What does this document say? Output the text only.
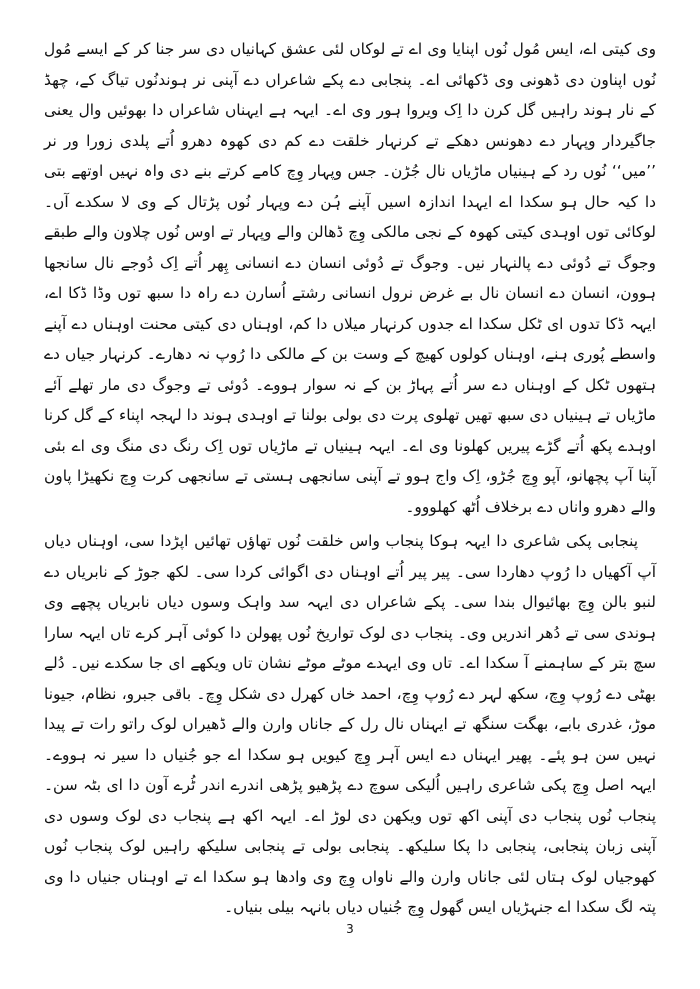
وی کیتی اے، ایس مُول نُوں اپنایا وی اے تے لوکاں لئی عشق کہانیاں دی سر جنا کر کے ایسے مُول نُوں اپناون دی ڈھونی وی ڈکھائی اے۔ پنجابی دے پکے شاعراں دے آپنی نر ہوندنُوں تیاگ کے، چھڈ کے نار ہوند راہیں گل کرن دا اِک ویروا ہور وی اے۔ ایہہ ہے ایہناں شاعراں دا بھوئیں وال یعنی جاگیردار وپہار دے دھونس دھکے تے کرنہار خلقت دے کم دی کھوہ دھرو اُتے پلدی زورا ور نر ’’میں‘‘ نُوں رد کے ہینیاں ماڑیاں نال جُڑن۔ جس وپہار وِچ کامے کرتے بنے دی واہ نہیں اوتھے بتی دا کیہ حال ہو سکدا اے ایہدا اندازہ اسیں آپنے ہُن دے وپہار نُوں پڑتال کے وی لا سکدے آں۔ لوکائی توں اوہدی کیتی کھوہ کے نجی مالکی وِچ ڈھالن والے وپہار تے اوس نُوں چلاون والے طبقے وجوگ تے دُوئی دے پالنہار نیں۔ وجوگ تے دُوئی انسان دے انسانی پِھر اُتے اِک دُوجے نال سانجھا ہوون، انسان دے انسان نال بے غرض نرول انسانی رشتے اُسارن دے راہ دا سبھ توں وڈا ڈکا اے، ایہہ ڈکا تدوں ای ٹکل سکدا اے جدوں کرنہار میلاں دا کم، اوہناں دی کیتی محنت اوہناں دے آپنے واسطے پُوری ہنے، اوہناں کولوں کھیچ کے وست بن کے مالکی دا رُوپ نہ دھارے۔ کرنہار جیاں دے ہتھوں ٹکل کے اوہناں دے سر اُتے پہاڑ بن کے نہ سوار ہووے۔ دُوئی تے وجوگ دی مار تھلے آئے ماڑیاں تے ہینیاں دی سبھ تھیں تھلوی پرت دی بولی بولنا تے اوہدی ہوند دا لہجہ اپناء کے گل کرنا اوہدے پکھ اُتے گڑے پیریں کھلونا وی اے۔ ایہہ ہینیاں تے ماڑیاں توں اِک رنگ دی منگ وی اے بئی آپنا آپ پچھانو، آپو وِچ جُڑو، اِک واج ہوو تے آپنی سانجھی ہستی تے سانجھی کرت وِچ نکھیڑا پاون والے دھرو واناں دے برخلاف اُٹھ کھلووو۔

پنجابی پکی شاعری دا ایہہ ہوکا پنجاب واس خلقت نُوں تھاؤں تھائیں اپڑدا سی، اوہناں دیاں آپ آکھیاں دا رُوپ دھاردا سی۔ پیر پیر اُتے اوہناں دی اگوائی کردا سی۔ لکھ جوڑ کے نابریاں دے لنبو بالن وِچ بھائیوال بندا سی۔ پکے شاعراں دی ایہہ سد واہک وسوں دیاں نابریاں پچھے وی ہوندی سی تے دُھر اندریں وی۔ پنجاب دی لوک تواریخ نُوں پھولن دا کوئی آہر کرے تاں ایہہ سارا سچ بتر کے ساہمنے آ سکدا اے۔ تاں وی ایہدے موٹے موٹے نشان تاں ویکھے ای جا سکدے نیں۔ دُلے بھٹی دے رُوپ وِچ، سکھ لہر دے رُوپ وِچ، احمد خاں کھرل دی شکل وِچ۔ باقی جبرو، نظام، جیونا موڑ، غدری بابے، بھگت سنگھ تے ایہناں نال رل کے جاناں وارن والے ڈھیراں لوک راتو رات تے پیدا نہیں سن ہو پئے۔ پھیر ایہناں دے ایس آہر وِچ کیویں ہو سکدا اے جو جُنیاں دا سیر نہ ہووے۔ ایہہ اصل وِچ پکی شاعری راہیں اُلیکی سوچ دے پڑھیو پڑھی اندرے اندر ٹُرے آون دا ای بٹہ سن۔ پنجاب نُوں پنجاب دی آپنی اکھ توں ویکھن دی لوڑ اے۔ ایہہ اکھ ہے پنجاب دی لوک وسوں دی آپنی زبان پنجابی، پنجابی دا پکا سلیکھ۔ پنجابی بولی تے پنجابی سلیکھ راہیں لوک پنجاب نُوں کھوجیاں لوک ہتاں لئی جاناں وارن والے ناواں وِچ وی وادھا ہو سکدا اے تے اوہناں جنیاں دا وی پتہ لگ سکدا اے جنہڑیاں ایس گھول وِچ جُنیاں دیاں بانہہ بیلی بنیاں۔

3
